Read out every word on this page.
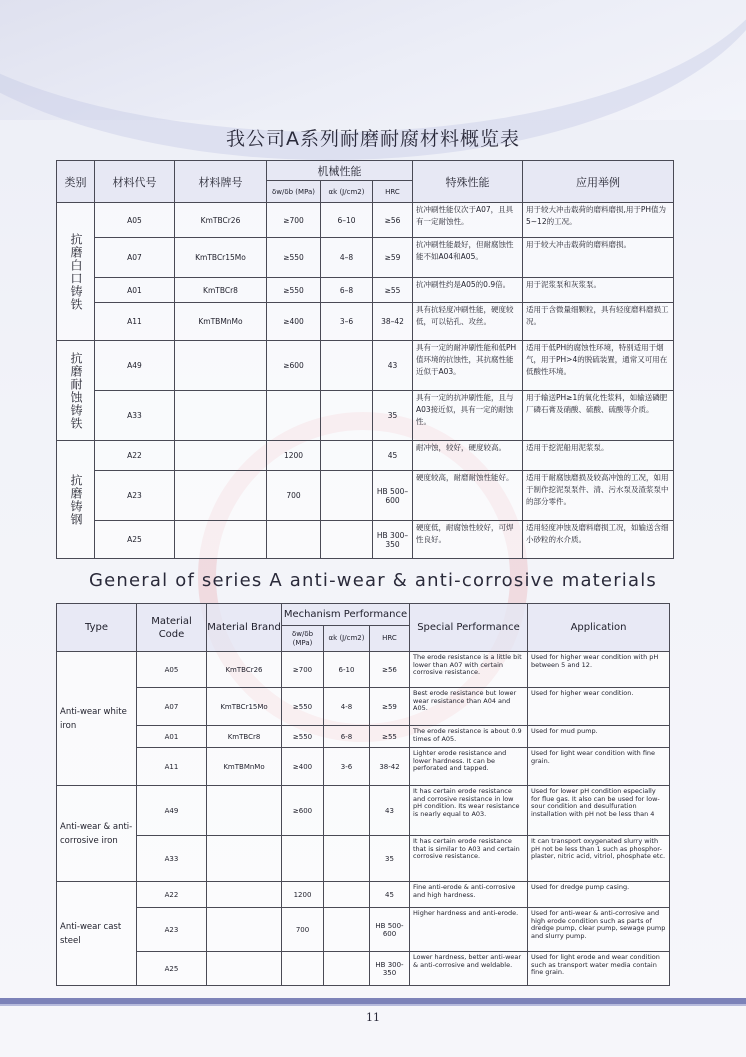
我公司A系列耐磨耐腐材料概览表
类别	材料代号	材料牌号	机械性能			特殊性能	应用举例
			δw/δb (MPa)	αk (J/cm2)	HRC		
抗磨白口铸铁	A05	KmTBCr26	≥700	6–10	≥56	抗冲刷性能仅次于A07，且具有一定耐蚀性。	用于较大冲击载荷的磨料磨损,用于PH值为5~12的工况。
	A07	KmTBCr15Mo	≥550	4–8	≥59	抗冲刷性能最好，但耐腐蚀性能不如A04和A05。	用于较大冲击载荷的磨料磨损。
	A01	KmTBCr8	≥550	6–8	≥55	抗冲刷性约是A05的0.9倍。	用于泥浆泵和灰浆泵。
	A11	KmTBMnMo	≥400	3–6	38–42	具有抗轻度冲刷性能，硬度较低，可以钻孔、攻丝。	适用于含微量细颗粒，具有轻度磨料磨损工况。
抗磨耐蚀铸铁	A49		≥600		43	具有一定的耐冲刷性能和低PH值环境的抗蚀性，其抗腐性能近似于A03。	适用于低PH的腐蚀性环境，特别适用于烟气，用于PH>4的脱硫装置，通常又可用在低酸性环境。
	A33				35	具有一定的抗冲刷性能，且与A03接近似，具有一定的耐蚀性。	用于输送PH≥1的氧化性浆料，如输送磷肥厂磷石膏及硝酸、硫酸、硫酸等介质。
抗磨铸钢	A22		1200		45	耐冲蚀，较好，硬度较高。	适用于挖泥船用泥浆泵。
	A23		700		HB 500–600	硬度较高，耐磨耐蚀性能好。	适用于耐腐蚀磨损及较高冲蚀的工况，如用于制作挖泥泵泵件、清、污水泵及渣浆泵中的部分零件。
	A25				HB 300–350	硬度低，耐腐蚀性较好，可焊性良好。	适用轻度冲蚀及磨料磨损工况，如输送含细小砂粒的水介质。
General of series A anti-wear & anti-corrosive materials
Type	Material Code	Material Brand	Mechanism Performance			Special Performance	Application
			δw/δb (MPa)	αk (J/cm2)	HRC		
Anti-wear white iron	A05	KmTBCr26	≥700	6-10	≥56	The erode resistance is a little bit lower than A07 with certain corrosive resistance.	Used for higher wear condition with pH between 5 and 12.
	A07	KmTBCr15Mo	≥550	4-8	≥59	Best erode resistance but lower wear resistance than A04 and A05.	Used for higher wear condition.
	A01	KmTBCr8	≥550	6-8	≥55	The erode resistance is about 0.9 times of A05.	Used for mud pump.
	A11	KmTBMnMo	≥400	3-6	38-42	Lighter erode resistance and lower hardness. It can be perforated and tapped.	Used for light wear condition with fine grain.
Anti-wear & anti-corrosive iron	A49		≥600		43	It has certain erode resistance and corrosive resistance in low pH condition. Its wear resistance is nearly equal to A03.	Used for lower pH condition especially for flue gas. It also can be used for low-sour condition and desulfuration installation with pH not be less than 4
	A33				35	It has certain erode resistance that is similar to A03 and certain corrosive resistance.	It can transport oxygenated slurry with pH not be less than 1 such as phosphor-plaster, nitric acid, vitriol, phosphate etc.
Anti-wear cast steel	A22		1200		45	Fine anti-erode & anti-corrosive and high hardness.	Used for dredge pump casing.
	A23		700		HB 500-600	Higher hardness and anti-erode.	Used for anti-wear & anti-corrosive and high erode condition such as parts of dredge pump, clear pump, sewage pump and slurry pump.
	A25				HB 300-350	Lower hardness, better anti-wear & anti-corrosive and weldable.	Used for light erode and wear condition such as transport water media contain fine grain.
11
